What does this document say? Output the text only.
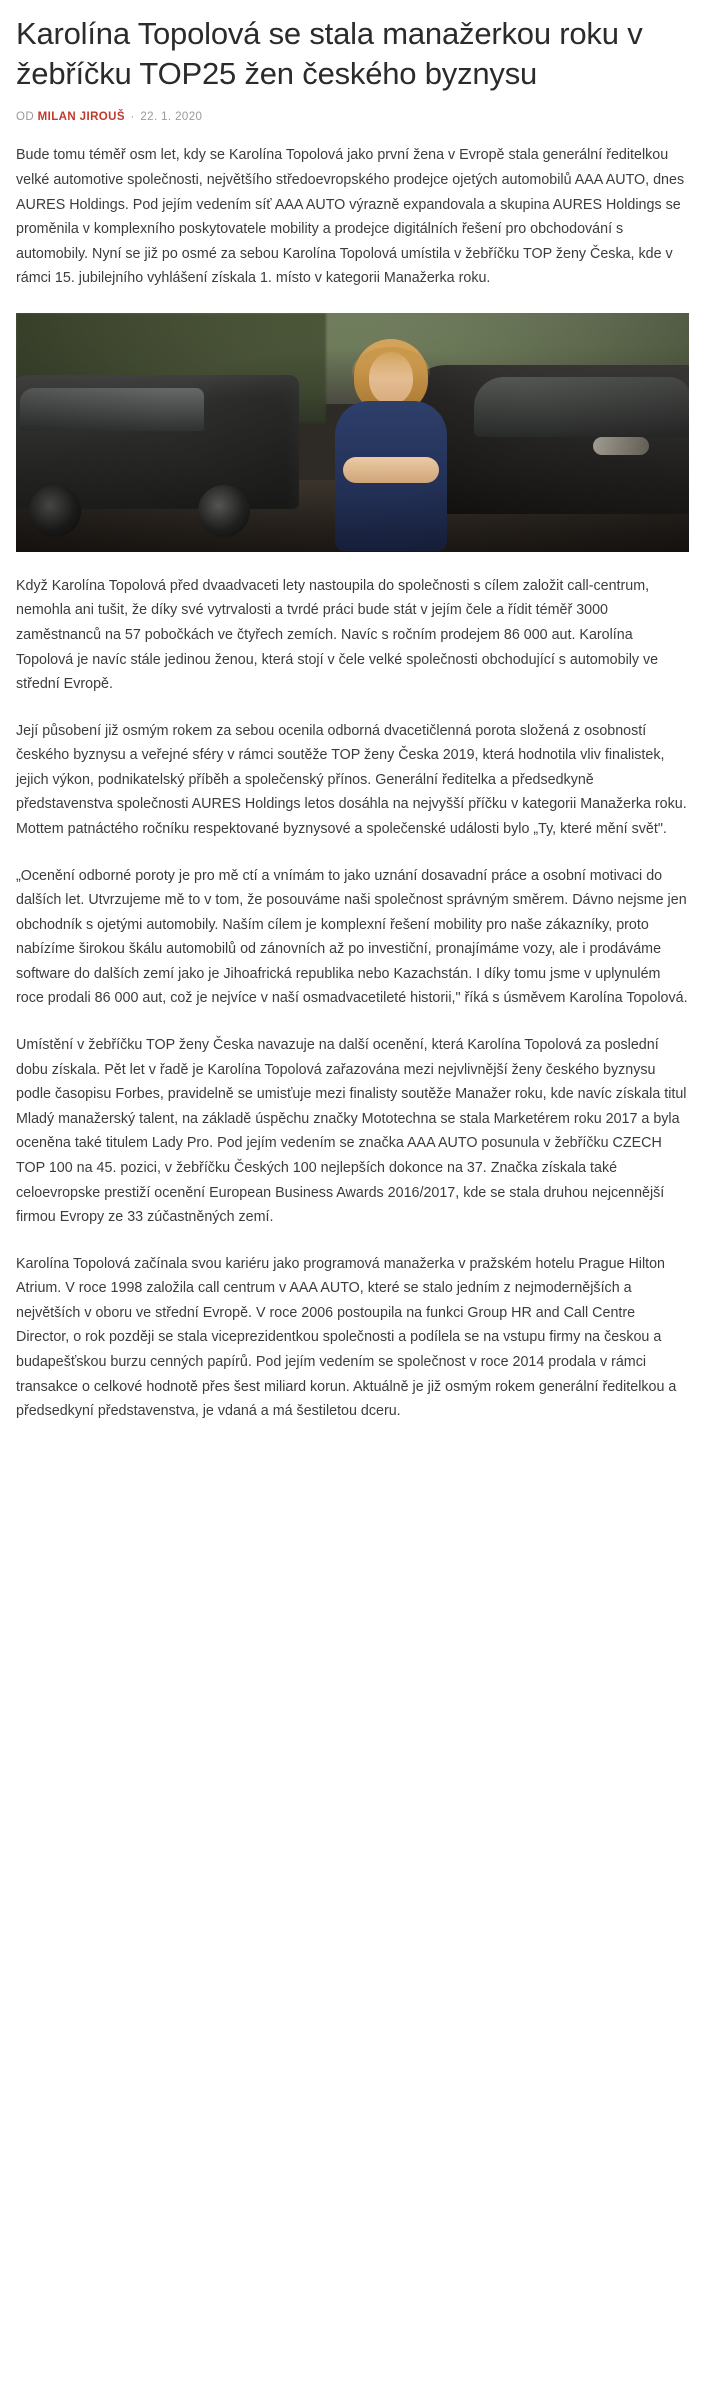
Karolína Topolová se stala manažerkou roku v žebříčku TOP25 žen českého byznysu
OD MILAN JIROUŠ · 22. 1. 2020

Bude tomu téměř osm let, kdy se Karolína Topolová jako první žena v Evropě stala generální ředitelkou velké automotive společnosti, největšího středoevropského prodejce ojetých automobilů AAA AUTO, dnes AURES Holdings. Pod jejím vedením síť AAA AUTO výrazně expandovala a skupina AURES Holdings se proměnila v komplexního poskytovatele mobility a prodejce digitálních řešení pro obchodování s automobily. Nyní se již po osmé za sebou Karolína Topolová umístila v žebříčku TOP ženy Česka, kde v rámci 15. jubilejního vyhlášení získala 1. místo v kategorii Manažerka roku.

Když Karolína Topolová před dvaadvaceti lety nastoupila do společnosti s cílem založit call-centrum, nemohla ani tušit, že díky své vytrvalosti a tvrdé práci bude stát v jejím čele a řídit téměř 3000 zaměstnanců na 57 pobočkách ve čtyřech zemích. Navíc s ročním prodejem 86 000 aut. Karolína Topolová je navíc stále jedinou ženou, která stojí v čele velké společnosti obchodující s automobily ve střední Evropě.

Její působení již osmým rokem za sebou ocenila odborná dvacetičlenná porota složená z osobností českého byznysu a veřejné sféry v rámci soutěže TOP ženy Česka 2019, která hodnotila vliv finalistek, jejich výkon, podnikatelský příběh a společenský přínos. Generální ředitelka a předsedkyně představenstva společnosti AURES Holdings letos dosáhla na nejvyšší příčku v kategorii Manažerka roku. Mottem patnáctého ročníku respektované byznysové a společenské události bylo „Ty, které mění svět".

„Ocenění odborné poroty je pro mě ctí a vnímám to jako uznání dosavadní práce a osobní motivaci do dalších let. Utvrzujeme mě to v tom, že posouváme naši společnost správným směrem. Dávno nejsme jen obchodník s ojetými automobily. Naším cílem je komplexní řešení mobility pro naše zákazníky, proto nabízíme širokou škálu automobilů od zánovních až po investiční, pronajímáme vozy, ale i prodáváme software do dalších zemí jako je Jihoafrická republika nebo Kazachstán. I díky tomu jsme v uplynulém roce prodali 86 000 aut, což je nejvíce v naší osmadvacetileté historii," říká s úsměvem Karolína Topolová.

Umístění v žebříčku TOP ženy Česka navazuje na další ocenění, která Karolína Topolová za poslední dobu získala. Pět let v řadě je Karolína Topolová zařazována mezi nejvlivnější ženy českého byznysu podle časopisu Forbes, pravidelně se umisťuje mezi finalisty soutěže Manažer roku, kde navíc získala titul Mladý manažerský talent, na základě úspěchu značky Mototechna se stala Marketérem roku 2017 a byla oceněna také titulem Lady Pro. Pod jejím vedením se značka AAA AUTO posunula v žebříčku CZECH TOP 100 na 45. pozici, v žebříčku Českých 100 nejlepších dokonce na 37. Značka získala také celoevropske prestiží ocenění European Business Awards 2016/2017, kde se stala druhou nejcennější firmou Evropy ze 33 zúčastněných zemí.

Karolína Topolová začínala svou kariéru jako programová manažerka v pražském hotelu Prague Hilton Atrium. V roce 1998 založila call centrum v AAA AUTO, které se stalo jedním z nejmodernějších a největších v oboru ve střední Evropě. V roce 2006 postoupila na funkci Group HR and Call Centre Director, o rok později se stala viceprezidentkou společnosti a podílela se na vstupu firmy na českou a budapešťskou burzu cenných papírů. Pod jejím vedením se společnost v roce 2014 prodala v rámci transakce o celkové hodnotě přes šest miliard korun. Aktuálně je již osmým rokem generální ředitelkou a předsedkyní představenstva, je vdaná a má šestiletou dceru.
